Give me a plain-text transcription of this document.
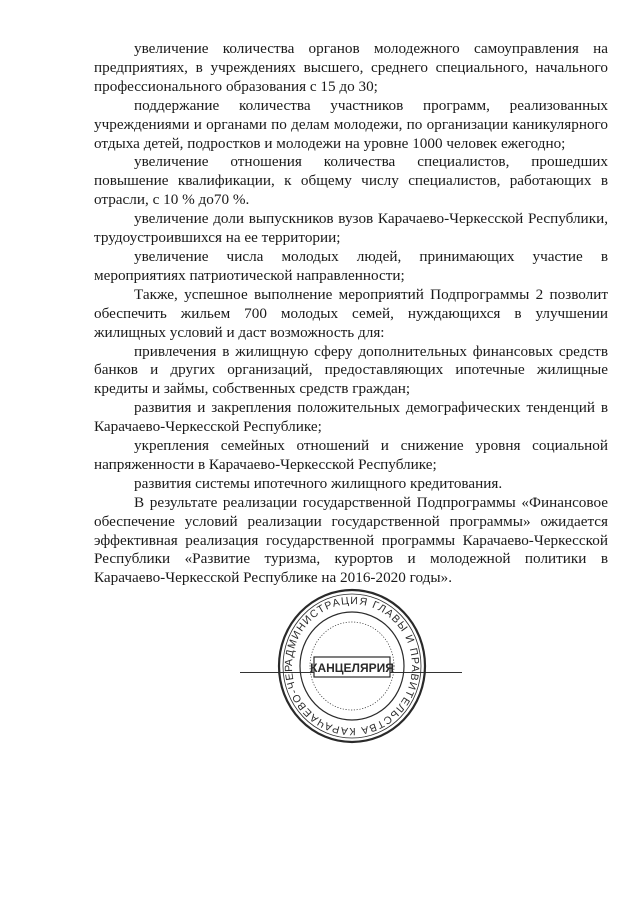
увеличение количества органов молодежного самоуправления на предприятиях, в учреждениях высшего, среднего специального, начального профессионального образования с 15 до 30;

поддержание количества участников программ, реализованных учреждениями и органами по делам молодежи, по организации каникулярного отдыха детей, подростков и молодежи на уровне 1000 человек ежегодно;

увеличение отношения количества специалистов, прошедших повышение квалификации, к общему числу специалистов, работающих в отрасли, с 10 % до70 %.

увеличение доли выпускников вузов Карачаево-Черкесской Республики, трудоустроившихся на ее территории;

увеличение числа молодых людей, принимающих участие в мероприятиях патриотической направленности;

Также, успешное выполнение мероприятий Подпрограммы 2 позволит обеспечить жильем 700 молодых семей, нуждающихся в улучшении жилищных условий и даст возможность для:

привлечения в жилищную сферу дополнительных финансовых средств банков и других организаций, предоставляющих ипотечные жилищные кредиты и займы, собственных средств граждан;

развития и закрепления положительных демографических тенденций в Карачаево-Черкесской Республике;

укрепления семейных отношений и снижение уровня социальной напряженности в Карачаево-Черкесской Республике;

развития системы ипотечного жилищного кредитования.

В результате реализации государственной Подпрограммы «Финансовое обеспечение условий реализации государственной программы» ожидается эффективная реализация государственной программы Карачаево-Черкесской Республики «Развитие туризма, курортов и молодежной политики в Карачаево-Черкесской Республике на 2016-2020 годы».

АДМИНИСТРАЦИЯ ГЛАВЫ И ПРАВИТЕЛЬСТВА КАРАЧАЕВО-ЧЕР	КАНЦЕЛЯРИЯ
